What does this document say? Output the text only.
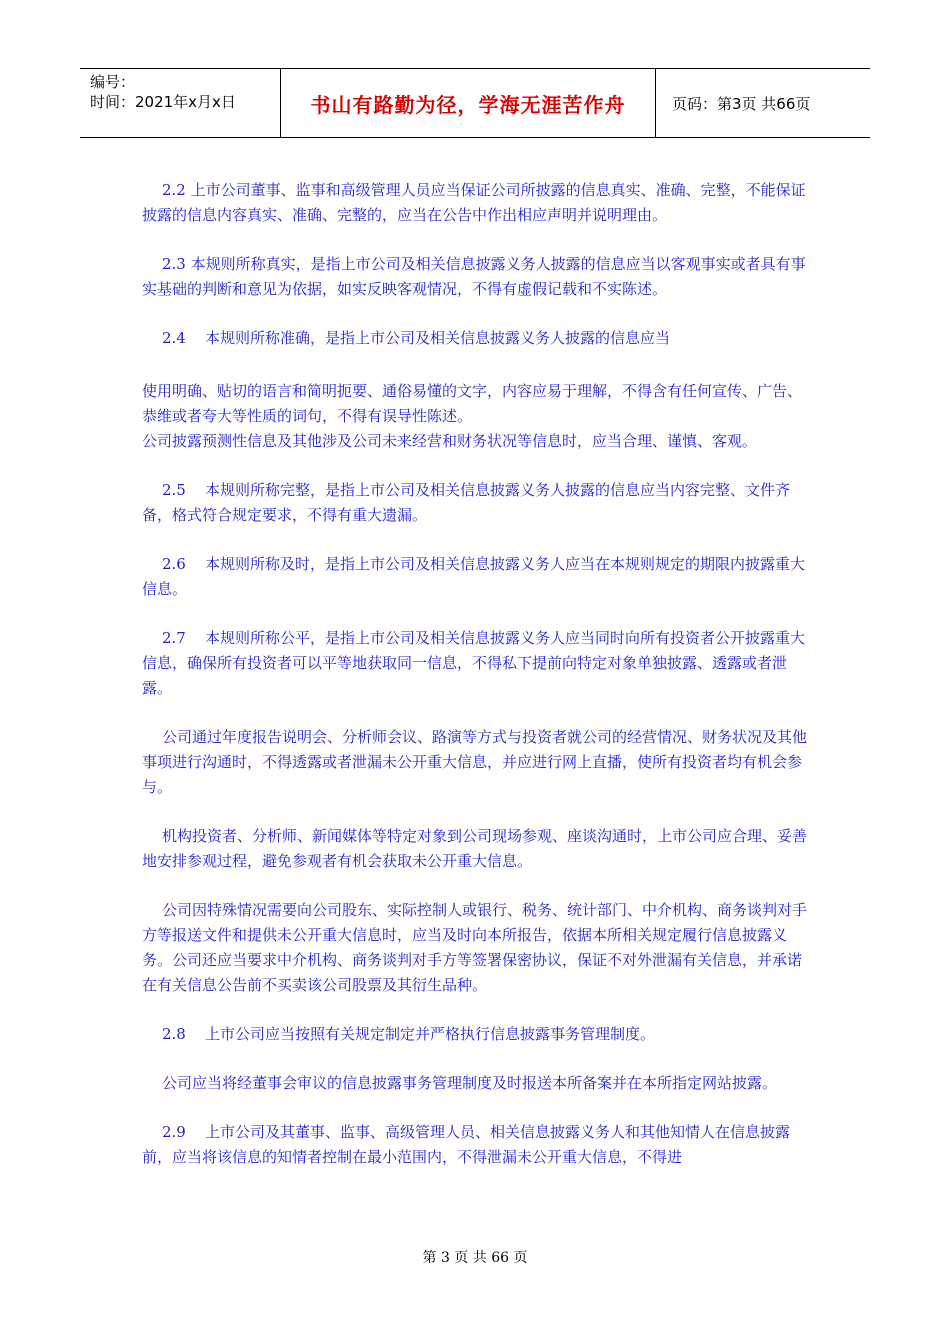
编号：
时间：2021年x月x日	书山有路勤为径，学海无涯苦作舟	页码：第3页 共66页

2.2 上市公司董事、监事和高级管理人员应当保证公司所披露的信息真实、准确、完整，不能保证披露的信息内容真实、准确、完整的，应当在公告中作出相应声明并说明理由。

2.3 本规则所称真实，是指上市公司及相关信息披露义务人披露的信息应当以客观事实或者具有事实基础的判断和意见为依据，如实反映客观情况，不得有虚假记载和不实陈述。

2.4 本规则所称准确，是指上市公司及相关信息披露义务人披露的信息应当

使用明确、贴切的语言和简明扼要、通俗易懂的文字，内容应易于理解，不得含有任何宣传、广告、恭维或者夸大等性质的词句，不得有误导性陈述。

公司披露预测性信息及其他涉及公司未来经营和财务状况等信息时，应当合理、谨慎、客观。

2.5 本规则所称完整，是指上市公司及相关信息披露义务人披露的信息应当内容完整、文件齐备，格式符合规定要求，不得有重大遗漏。

2.6 本规则所称及时，是指上市公司及相关信息披露义务人应当在本规则规定的期限内披露重大信息。

2.7 本规则所称公平，是指上市公司及相关信息披露义务人应当同时向所有投资者公开披露重大信息，确保所有投资者可以平等地获取同一信息，不得私下提前向特定对象单独披露、透露或者泄露。

公司通过年度报告说明会、分析师会议、路演等方式与投资者就公司的经营情况、财务状况及其他事项进行沟通时，不得透露或者泄漏未公开重大信息，并应进行网上直播，使所有投资者均有机会参与。

机构投资者、分析师、新闻媒体等特定对象到公司现场参观、座谈沟通时，上市公司应合理、妥善地安排参观过程，避免参观者有机会获取未公开重大信息。

公司因特殊情况需要向公司股东、实际控制人或银行、税务、统计部门、中介机构、商务谈判对手方等报送文件和提供未公开重大信息时，应当及时向本所报告，依据本所相关规定履行信息披露义务。公司还应当要求中介机构、商务谈判对手方等签署保密协议，保证不对外泄漏有关信息，并承诺在有关信息公告前不买卖该公司股票及其衍生品种。

2.8 上市公司应当按照有关规定制定并严格执行信息披露事务管理制度。

公司应当将经董事会审议的信息披露事务管理制度及时报送本所备案并在本所指定网站披露。

2.9 上市公司及其董事、监事、高级管理人员、相关信息披露义务人和其他知情人在信息披露前，应当将该信息的知情者控制在最小范围内，不得泄漏未公开重大信息，不得进

第 3 页 共 66 页
